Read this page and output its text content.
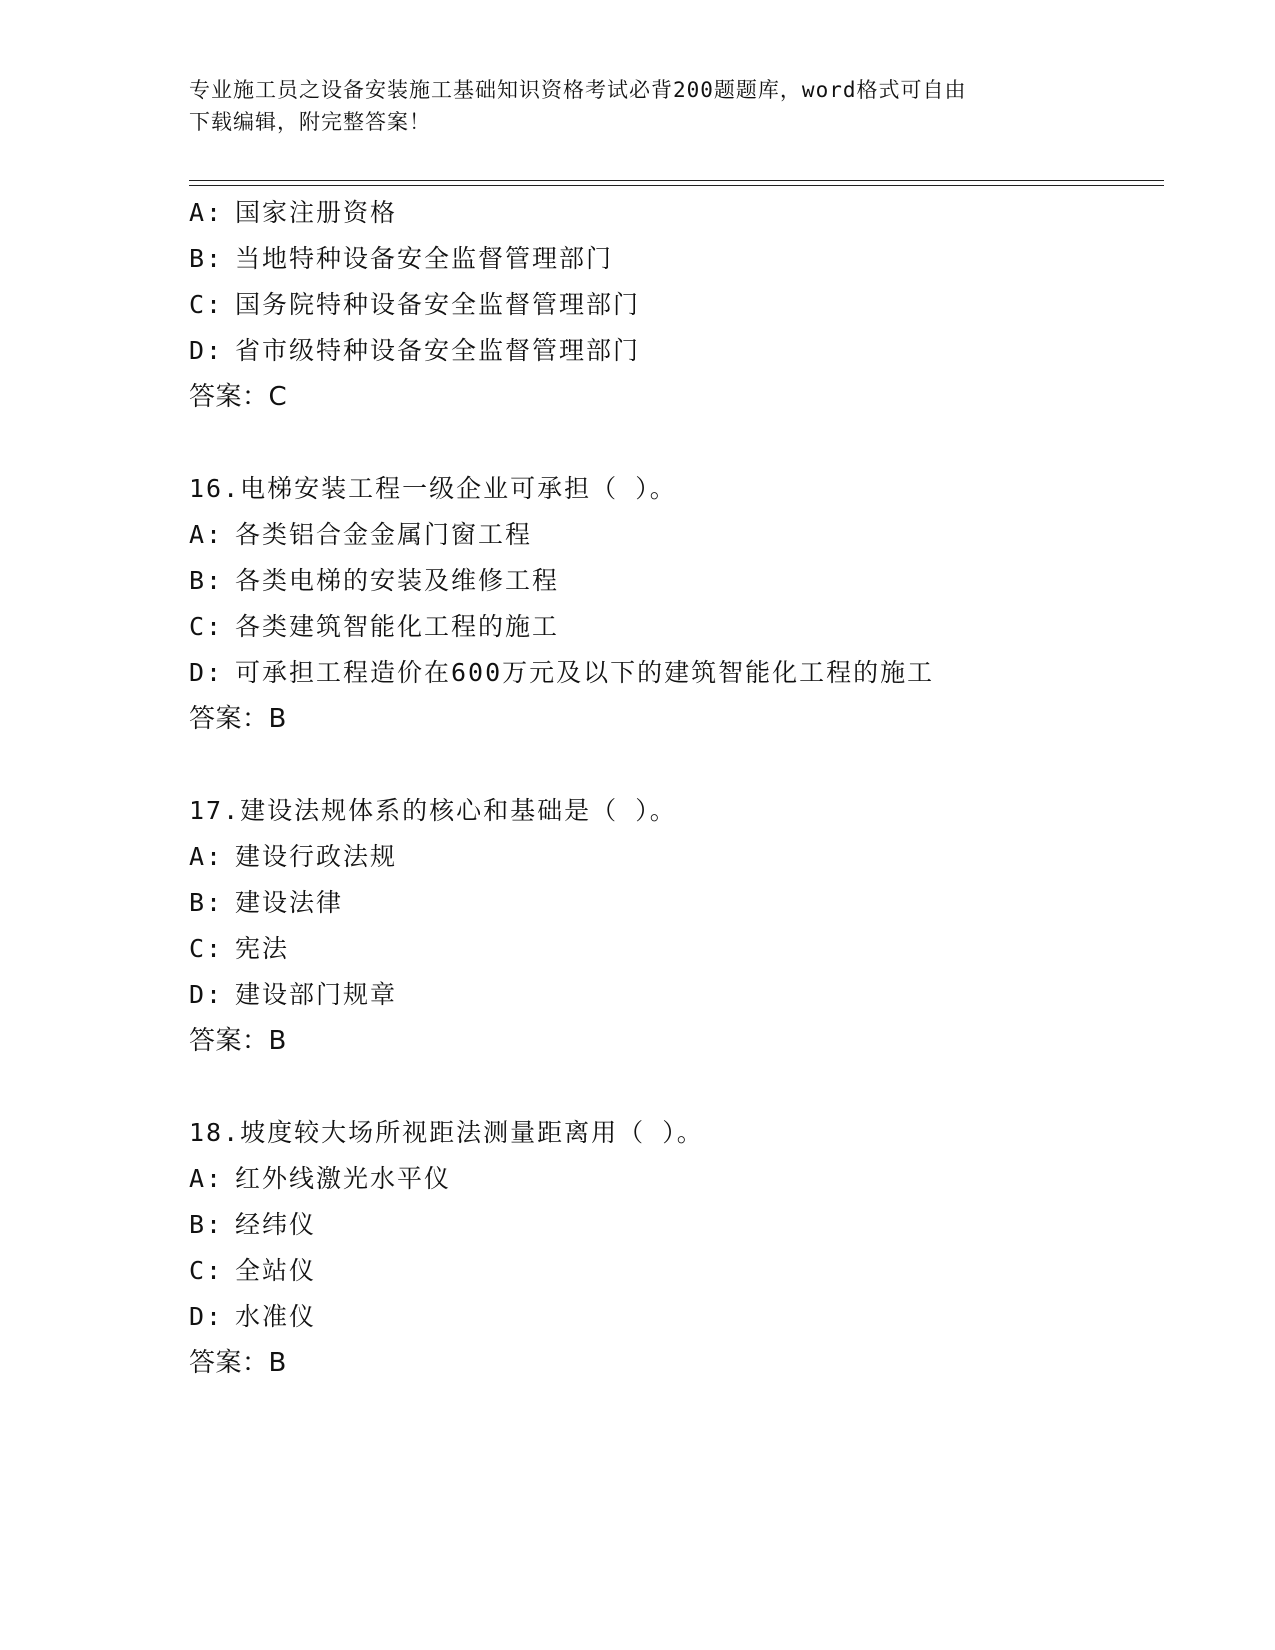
专业施工员之设备安装施工基础知识资格考试必背200题题库，word格式可自由
下载编辑，附完整答案！
A: 国家注册资格
B: 当地特种设备安全监督管理部门
C: 国务院特种设备安全监督管理部门
D: 省市级特种设备安全监督管理部门
答案：C
16.电梯安装工程一级企业可承担（ ）。
A: 各类铝合金金属门窗工程
B: 各类电梯的安装及维修工程
C: 各类建筑智能化工程的施工
D: 可承担工程造价在600万元及以下的建筑智能化工程的施工
答案：B
17.建设法规体系的核心和基础是（ ）。
A: 建设行政法规
B: 建设法律
C: 宪法
D: 建设部门规章
答案：B
18.坡度较大场所视距法测量距离用（ ）。
A: 红外线激光水平仪
B: 经纬仪
C: 全站仪
D: 水准仪
答案：B
